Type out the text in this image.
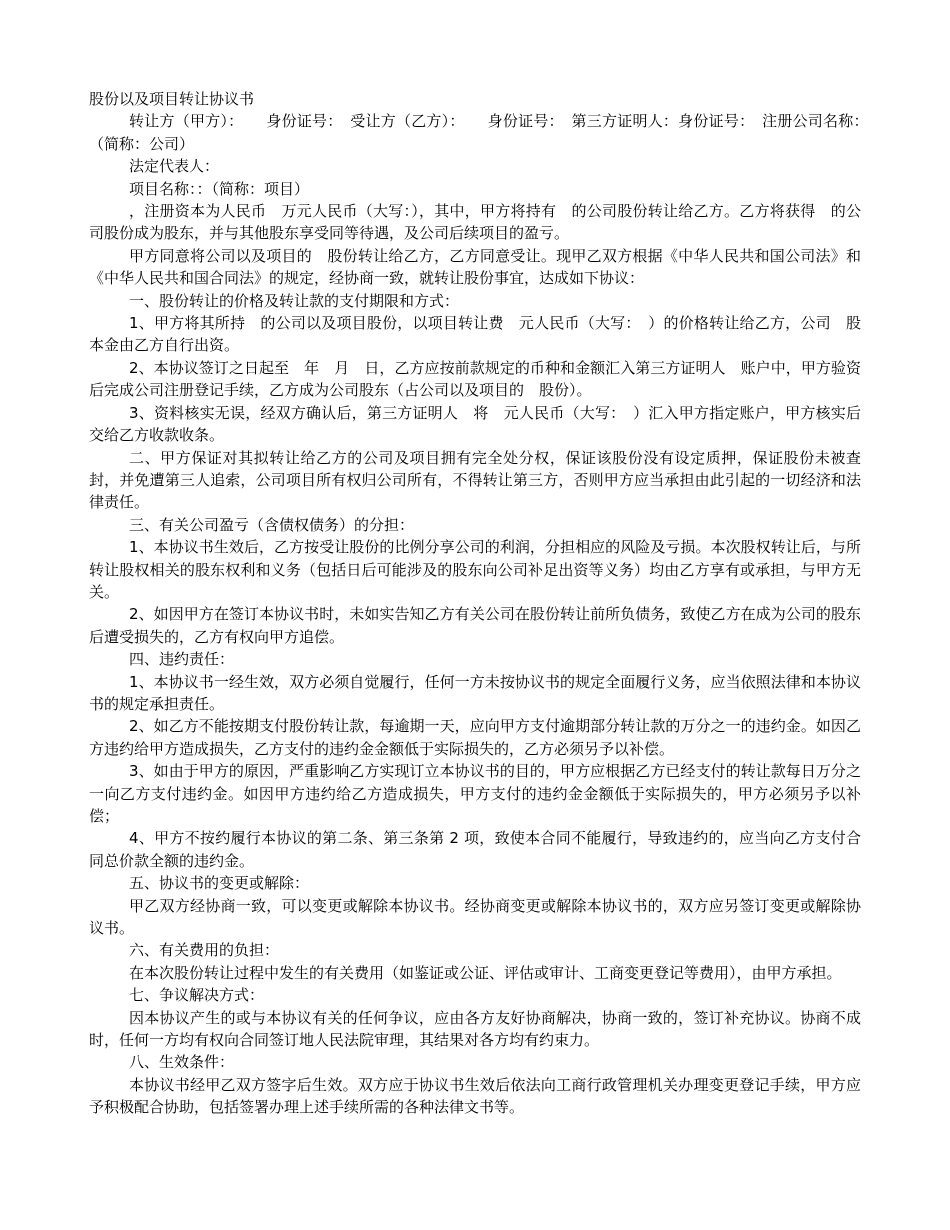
股份以及项目转让协议书

转让方（甲方）：　　身份证号：　受让方（乙方）：　　身份证号：　第三方证明人：身份证号：　注册公司名称：　（简称：公司）

法定代表人：

项目名称：：（简称：项目）

，注册资本为人民币　万元人民币（大写：），其中，甲方将持有　的公司股份转让给乙方。乙方将获得　的公司股份成为股东，并与其他股东享受同等待遇，及公司后续项目的盈亏。

甲方同意将公司以及项目的　股份转让给乙方，乙方同意受让。现甲乙双方根据《中华人民共和国公司法》和《中华人民共和国合同法》的规定，经协商一致，就转让股份事宜，达成如下协议：

一、股份转让的价格及转让款的支付期限和方式：

1、甲方将其所持　的公司以及项目股份，以项目转让费　元人民币（大写：　）的价格转让给乙方，公司　股本金由乙方自行出资。

2、本协议签订之日起至　年　月　日，乙方应按前款规定的币种和金额汇入第三方证明人　账户中，甲方验资后完成公司注册登记手续，乙方成为公司股东（占公司以及项目的　股份）。

3、资料核实无误，经双方确认后，第三方证明人　将　元人民币（大写：　）汇入甲方指定账户，甲方核实后交给乙方收款收条。

二、甲方保证对其拟转让给乙方的公司及项目拥有完全处分权，保证该股份没有设定质押，保证股份未被查封，并免遭第三人追索，公司项目所有权归公司所有，不得转让第三方，否则甲方应当承担由此引起的一切经济和法律责任。

三、有关公司盈亏（含债权债务）的分担：

1、本协议书生效后，乙方按受让股份的比例分享公司的利润，分担相应的风险及亏损。本次股权转让后，与所转让股权相关的股东权利和义务（包括日后可能涉及的股东向公司补足出资等义务）均由乙方享有或承担，与甲方无关。

2、如因甲方在签订本协议书时，未如实告知乙方有关公司在股份转让前所负债务，致使乙方在成为公司的股东后遭受损失的，乙方有权向甲方追偿。

四、违约责任：

1、本协议书一经生效，双方必须自觉履行，任何一方未按协议书的规定全面履行义务，应当依照法律和本协议书的规定承担责任。

2、如乙方不能按期支付股份转让款，每逾期一天，应向甲方支付逾期部分转让款的万分之一的违约金。如因乙方违约给甲方造成损失，乙方支付的违约金金额低于实际损失的，乙方必须另予以补偿。

3、如由于甲方的原因，严重影响乙方实现订立本协议书的目的，甲方应根据乙方已经支付的转让款每日万分之一向乙方支付违约金。如因甲方违约给乙方造成损失，甲方支付的违约金金额低于实际损失的，甲方必须另予以补偿；

4、甲方不按约履行本协议的第二条、第三条第 2 项，致使本合同不能履行，导致违约的，应当向乙方支付合同总价款全额的违约金。

五、协议书的变更或解除：

甲乙双方经协商一致，可以变更或解除本协议书。经协商变更或解除本协议书的，双方应另签订变更或解除协议书。

六、有关费用的负担：

在本次股份转让过程中发生的有关费用（如鉴证或公证、评估或审计、工商变更登记等费用），由甲方承担。

七、争议解决方式：

因本协议产生的或与本协议有关的任何争议，应由各方友好协商解决，协商一致的，签订补充协议。协商不成时，任何一方均有权向合同签订地人民法院审理，其结果对各方均有约束力。

八、生效条件：

本协议书经甲乙双方签字后生效。双方应于协议书生效后依法向工商行政管理机关办理变更登记手续，甲方应予积极配合协助，包括签署办理上述手续所需的各种法律文书等。
